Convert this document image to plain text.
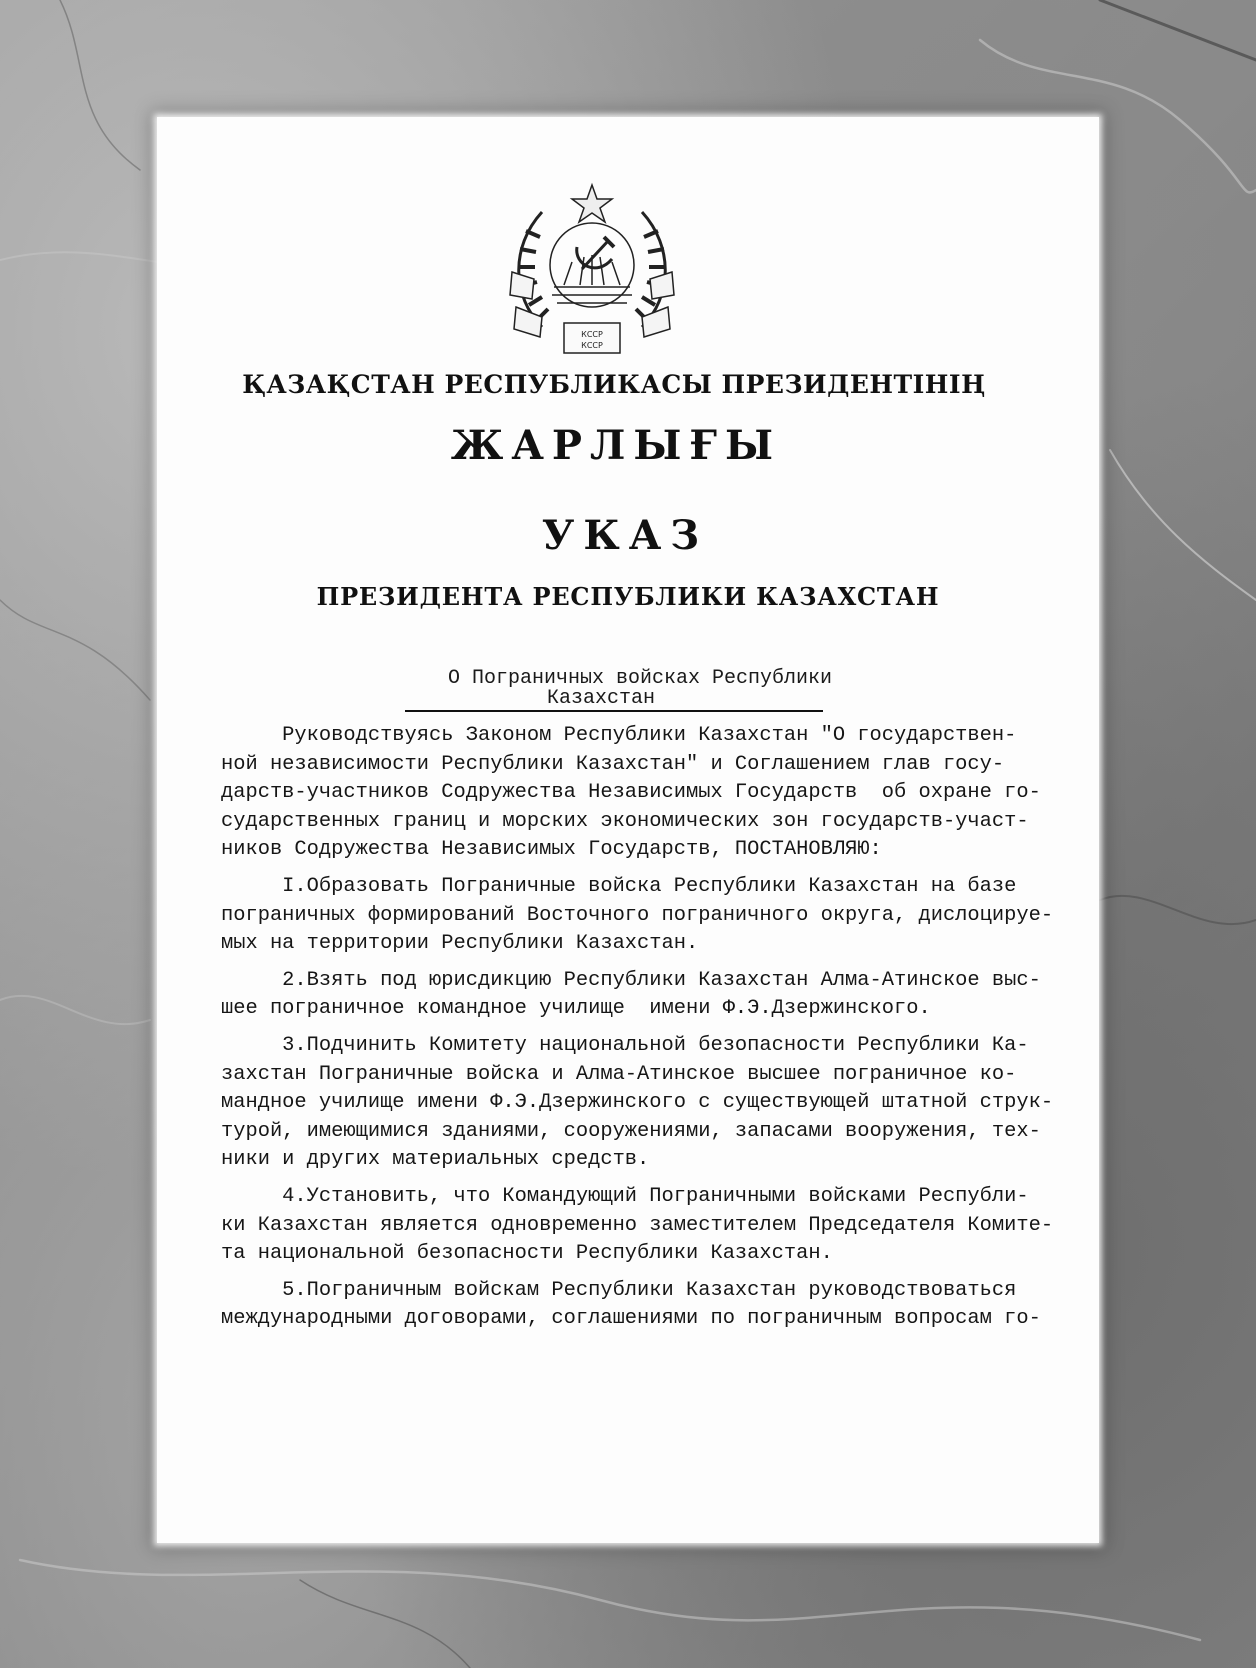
КССР
КССР
ҚАЗАҚСТАН РЕСПУБЛИКАСЫ ПРЕЗИДЕНТІНІҢ
ЖАРЛЫҒЫ
УКАЗ
ПРЕЗИДЕНТА РЕСПУБЛИКИ КАЗАХСТАН
О Пограничных войсках Республики
Казахстан
Руководствуясь Законом Республики Казахстан "О государствен-
ной независимости Республики Казахстан" и Соглашением глав госу-
дарств-участников Содружества Независимых Государств  об охране го-
сударственных границ и морских экономических зон государств-участ-
ников Содружества Независимых Государств, ПОСТАНОВЛЯЮ:
I.Образовать Пограничные войска Республики Казахстан на базе
пограничных формирований Восточного пограничного округа, дислоцируе-
мых на территории Республики Казахстан.
2.Взять под юрисдикцию Республики Казахстан Алма-Атинское выс-
шее пограничное командное училище  имени Ф.Э.Дзержинского.
3.Подчинить Комитету национальной безопасности Республики Ка-
захстан Пограничные войска и Алма-Атинское высшее пограничное ко-
мандное училище имени Ф.Э.Дзержинского с существующей штатной струк-
турой, имеющимися зданиями, сооружениями, запасами вооружения, тех-
ники и других материальных средств.
4.Установить, что Командующий Пограничными войсками Республи-
ки Казахстан является одновременно заместителем Председателя Комите-
та национальной безопасности Республики Казахстан.
5.Пограничным войскам Республики Казахстан руководствоваться
международными договорами, соглашениями по пограничным вопросам го-
